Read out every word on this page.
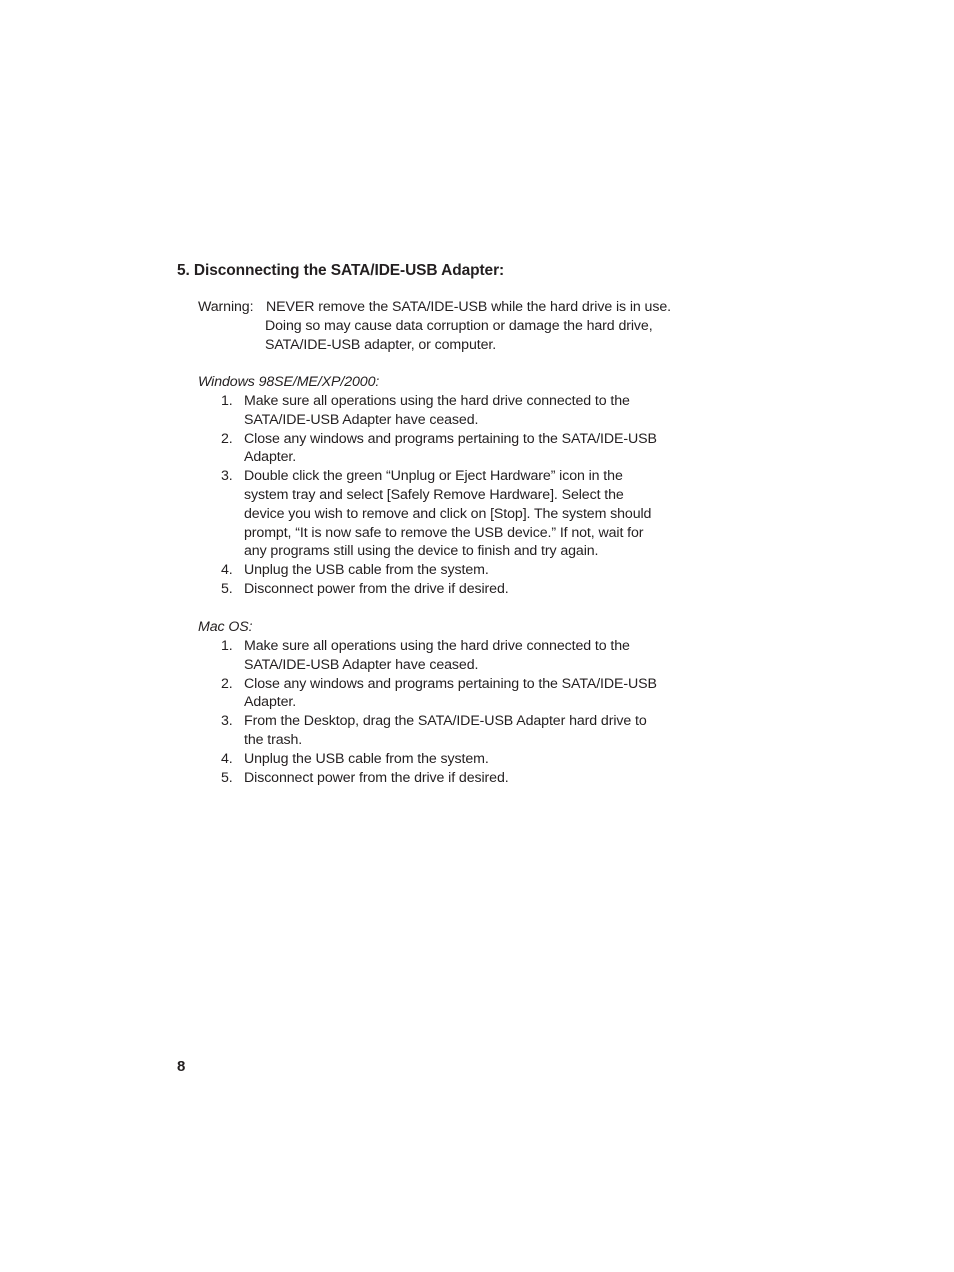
5. Disconnecting the SATA/IDE-USB Adapter:
Warning: NEVER remove the SATA/IDE-USB while the hard drive is in use.
Doing so may cause data corruption or damage the hard drive,
SATA/IDE-USB adapter, or computer.
Windows 98SE/ME/XP/2000:
1. Make sure all operations using the hard drive connected to the
SATA/IDE-USB Adapter have ceased.
2. Close any windows and programs pertaining to the SATA/IDE-USB
Adapter.
3. Double click the green “Unplug or Eject Hardware” icon in the
system tray and select [Safely Remove Hardware]. Select the
device you wish to remove and click on [Stop]. The system should
prompt, “It is now safe to remove the USB device.” If not, wait for
any programs still using the device to finish and try again.
4. Unplug the USB cable from the system.
5. Disconnect power from the drive if desired.
Mac OS:
1. Make sure all operations using the hard drive connected to the
SATA/IDE-USB Adapter have ceased.
2. Close any windows and programs pertaining to the SATA/IDE-USB
Adapter.
3. From the Desktop, drag the SATA/IDE-USB Adapter hard drive to
the trash.
4. Unplug the USB cable from the system.
5. Disconnect power from the drive if desired.
8
